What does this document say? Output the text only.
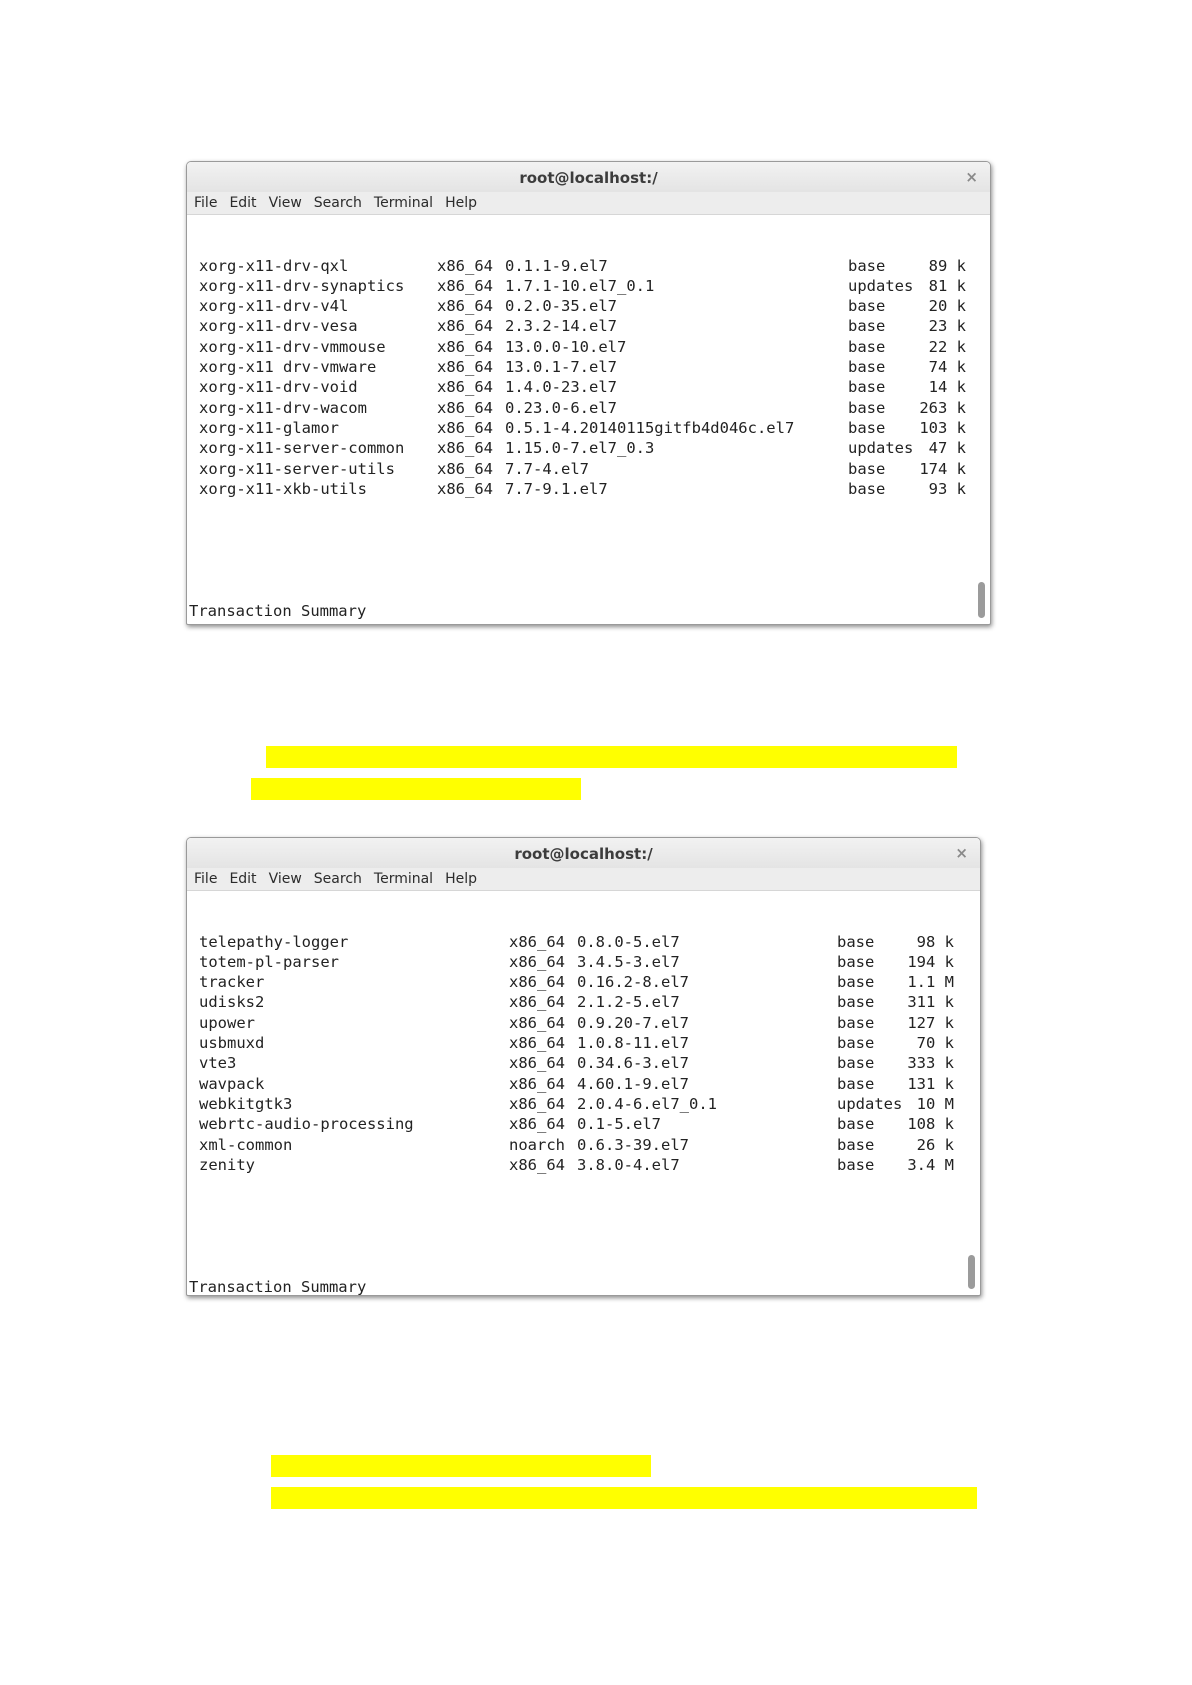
root@localhost:/	×
File Edit View Search Terminal Help

xorg-x11-drv-qxl	x86_64 0.1.1-9.el7	base	89 k
xorg-x11-drv-synaptics x86_64 1.7.1-10.el7_0.1	updates 81 k
xorg-x11-drv-v4l	x86_64 0.2.0-35.el7	base	20 k
xorg-x11-drv-vesa	x86_64 2.3.2-14.el7	base	23 k
xorg-x11-drv-vmmouse	x86_64 13.0.0-10.el7	base	22 k
xorg-x11 drv-vmware	x86_64 13.0.1-7.el7	base	74 k
xorg-x11-drv-void	x86_64 1.4.0-23.el7	base	14 k
xorg-x11-drv-wacom	x86_64 0.23.0-6.el7	base 263 k
xorg-x11-glamor	x86_64 0.5.1-4.20140115gitfb4d046c.el7	base 103 k
xorg-x11-server-common x86_64 1.15.0-7.el7_0.3	updates 47 k
xorg-x11-server-utils	x86_64 7.7-4.el7	base 174 k
xorg-x11-xkb-utils	x86_64 7.7-9.1.el7	base	93 k

Transaction Summary

root@localhost:/	×
File Edit View Search Terminal Help

telepathy-logger	x86_64 0.8.0-5.el7	base	98 k
totem-pl-parser	x86_64 3.4.5-3.el7	base 194 k
tracker	x86_64 0.16.2-8.el7	base 1.1 M
udisks2	x86_64 2.1.2-5.el7	base 311 k
upower	x86_64 0.9.20-7.el7	base 127 k
usbmuxd	x86_64 1.0.8-11.el7	base	70 k
vte3	x86_64 0.34.6-3.el7	base 333 k
wavpack	x86_64 4.60.1-9.el7	base 131 k
webkitgtk3	x86_64 2.0.4-6.el7_0.1	updates 10 M
webrtc-audio-processing	x86_64 0.1-5.el7	base 108 k
xml-common	noarch 0.6.3-39.el7	base	26 k
zenity	x86_64 3.8.0-4.el7	base 3.4 M

Transaction Summary
